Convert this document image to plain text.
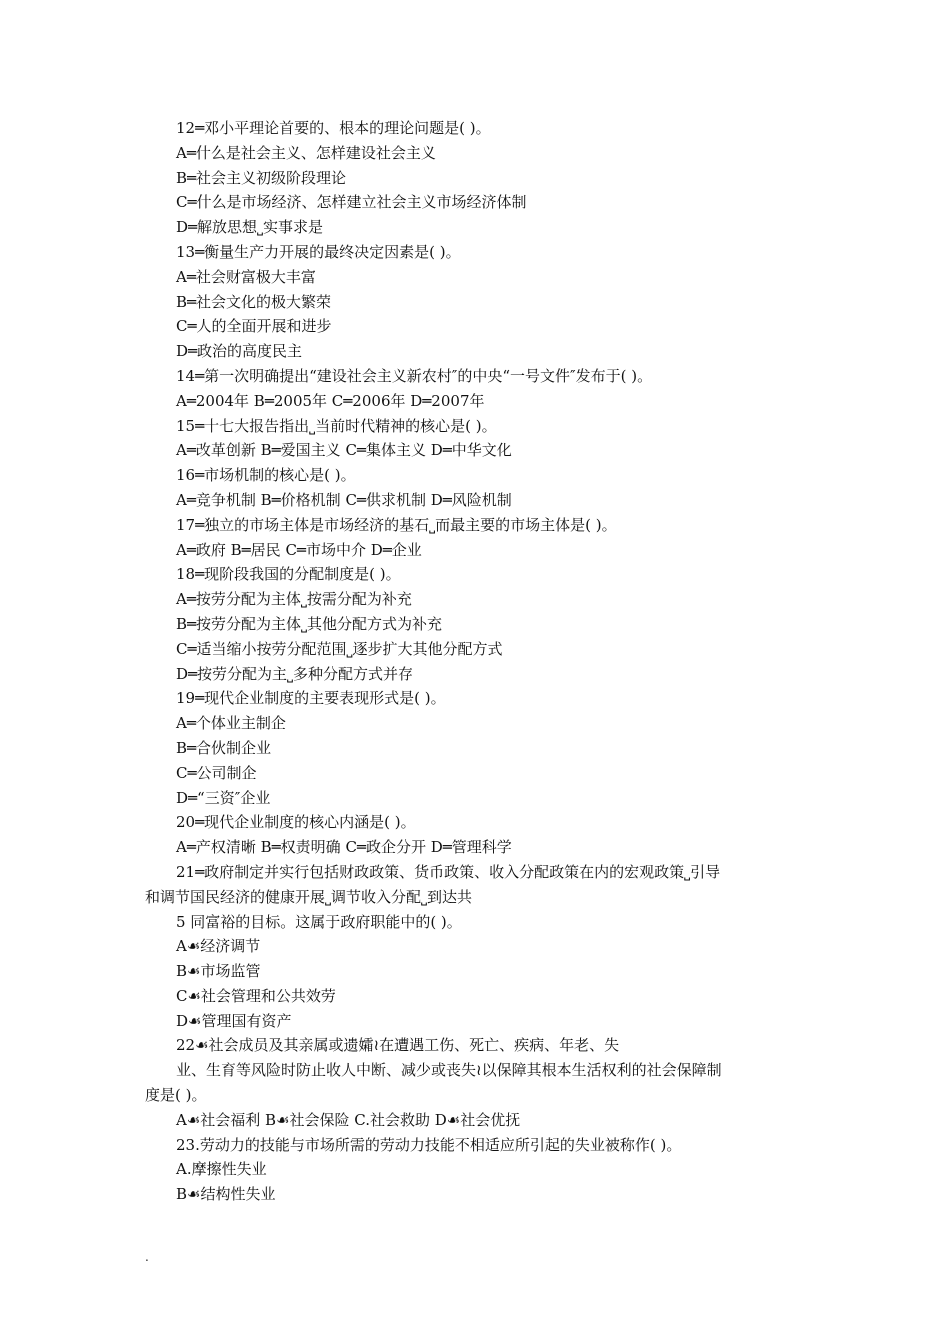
12═邓小平理论首要的、根本的理论问题是( )。
A═什么是社会主义、怎样建设社会主义
B═社会主义初级阶段理论
C═什么是市场经济、怎样建立社会主义市场经济体制
D═解放思想⎵实事求是
13═衡量生产力开展的最终决定因素是( )。
A═社会财富极大丰富
B═社会文化的极大繁荣
C═人的全面开展和进步
D═政治的高度民主
14═第一次明确提出“建设社会主义新农村″的中央“一号文件″发布于( )。
A═2004年 B═2005年 C═2006年 D═2007年
15═十七大报告指出⎵当前时代精神的核心是( )。
A═改革创新 B═爱国主义 C═集体主义 D═中华文化
16═市场机制的核心是( )。
A═竞争机制 B═价格机制 C═供求机制 D═风险机制
17═独立的市场主体是市场经济的基石⎵而最主要的市场主体是( )。
A═政府 B═居民 C═市场中介 D═企业
18═现阶段我国的分配制度是( )。
A═按劳分配为主体⎵按需分配为补充
B═按劳分配为主体⎵其他分配方式为补充
C═适当缩小按劳分配范围⎵逐步扩大其他分配方式
D═按劳分配为主⎵多种分配方式并存
19═现代企业制度的主要表现形式是( )。
A═个体业主制企
B═合伙制企业
C═公司制企
D═“三资″企业
20═现代企业制度的核心内涵是( )。
A═产权清晰 B═权责明确 C═政企分开 D═管理科学
21═政府制定并实行包括财政政策、货币政策、收入分配政策在内的宏观政策⎵引导
和调节国民经济的健康开展⎵调节收入分配⎵到达共
5 同富裕的目标。这属于政府职能中的( )。
A☙经济调节
B☙市场监管
C☙社会管理和公共效劳
D☙管理国有资产
22☙社会成员及其亲属或遗孀≀在遭遇工伤、死亡、疾病、年老、失
业、生育等风险时防止收人中断、减少或丧失≀以保障其根本生活权利的社会保障制
度是( )。
A☙社会福利 B☙社会保险 C.社会救助 D☙社会优抚
23.劳动力的技能与市场所需的劳动力技能不相适应所引起的失业被称作( )。
A.摩擦性失业
B☙结构性失业
.
